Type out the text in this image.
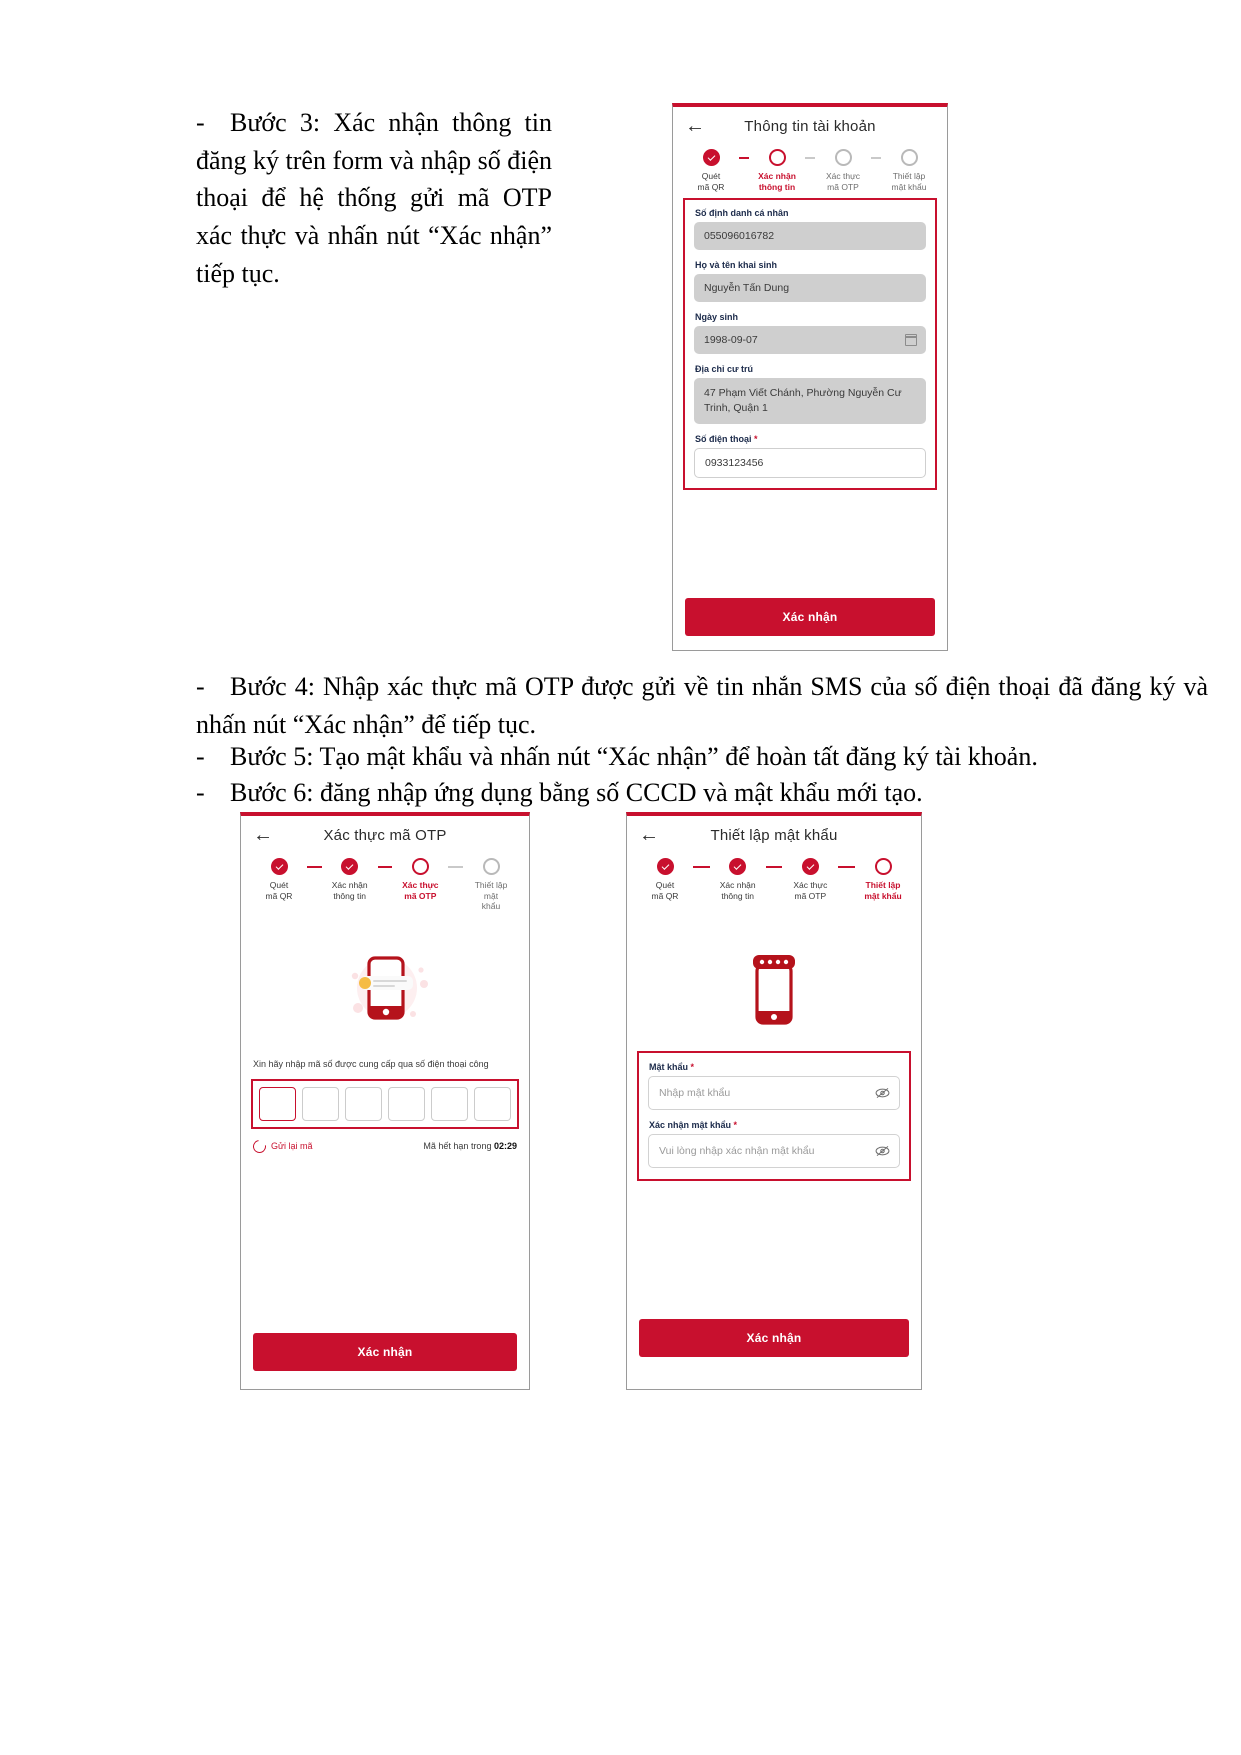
- Bước 3: Xác nhận thông tin đăng ký trên form và nhập số điện thoại để hệ thống gửi mã OTP xác thực và nhấn nút “Xác nhận” tiếp tục.
←	Thông tin tài khoản
Quét
mã QR
Xác nhận
thông tin
Xác thực
mã OTP
Thiết lập
mật khẩu
Số định danh cá nhân
055096016782
Họ và tên khai sinh
Nguyễn Tấn Dung
Ngày sinh
1998-09-07
Địa chỉ cư trú
47 Phạm Viết Chánh, Phường Nguyễn Cư Trinh, Quận 1
Số điện thoại *
0933123456
Xác nhận
- Bước 4: Nhập xác thực mã OTP được gửi về tin nhắn SMS của số điện thoại đã đăng ký và nhấn nút “Xác nhận” để tiếp tục.
- Bước 5: Tạo mật khẩu và nhấn nút “Xác nhận” để hoàn tất đăng ký tài khoản.
- Bước 6: đăng nhập ứng dụng bằng số CCCD và mật khẩu mới tạo.
←	Xác thực mã OTP
Quét
mã QR
Xác nhận
thông tin
Xác thực
mã OTP
Thiết lập
mật
khẩu
Xin hãy nhập mã số được cung cấp qua số điện thoại công
Gửi lại mã	Mã hết hạn trong 02:29
Xác nhận
←	Thiết lập mật khẩu
Quét
mã QR
Xác nhận
thông tin
Xác thực
mã OTP
Thiết lập
mật khẩu
Mật khẩu *
Nhập mật khẩu
Xác nhận mật khẩu *
Vui lòng nhập xác nhận mật khẩu
Xác nhận
